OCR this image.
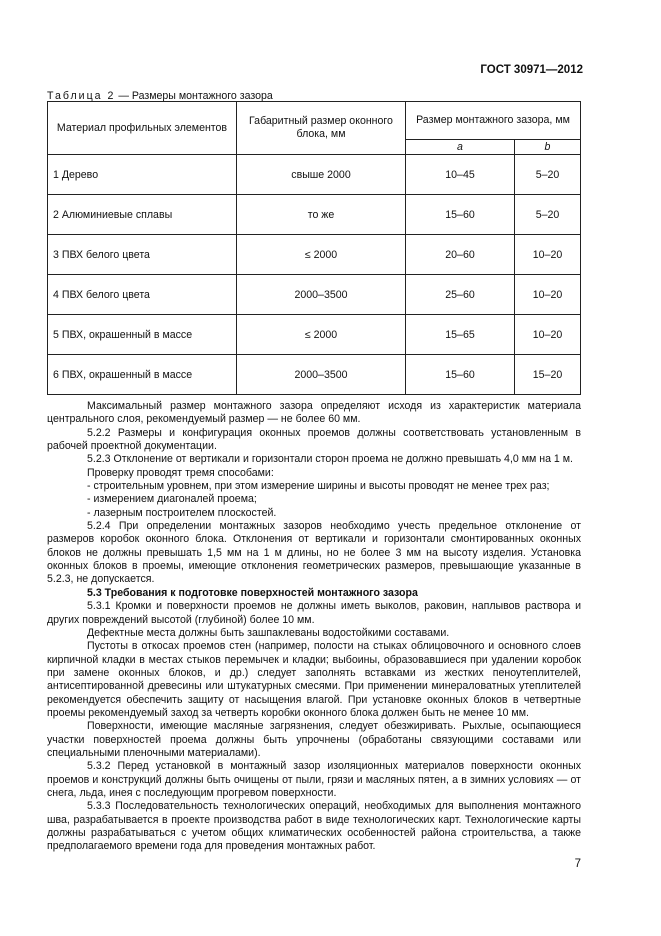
ГОСТ 30971—2012
Таблица 2 — Размеры монтажного зазора
Материал профильных элементов	Габаритный размер оконного блока, мм	Размер монтажного зазора, мм	
		а	b
1 Дерево	свыше 2000	10–45	5–20
2 Алюминиевые сплавы	то же	15–60	5–20
3 ПВХ белого цвета	≤ 2000	20–60	10–20
4 ПВХ белого цвета	2000–3500	25–60	10–20
5 ПВХ, окрашенный в массе	≤ 2000	15–65	10–20
6 ПВХ, окрашенный в массе	2000–3500	15–60	15–20

Максимальный размер монтажного зазора определяют исходя из характеристик материала центрального слоя, рекомендуемый размер — не более 60 мм.

5.2.2 Размеры и конфигурация оконных проемов должны соответствовать установленным в рабочей проектной документации.

5.2.3 Отклонение от вертикали и горизонтали сторон проема не должно превышать 4,0 мм на 1 м.

Проверку проводят тремя способами:

- строительным уровнем, при этом измерение ширины и высоты проводят не менее трех раз;

- измерением диагоналей проема;

- лазерным построителем плоскостей.

5.2.4 При определении монтажных зазоров необходимо учесть предельное отклонение от размеров коробок оконного блока. Отклонения от вертикали и горизонтали смонтированных оконных блоков не должны превышать 1,5 мм на 1 м длины, но не более 3 мм на высоту изделия. Установка оконных блоков в проемы, имеющие отклонения геометрических размеров, превышающие указанные в 5.2.3, не допускается.

5.3 Требования к подготовке поверхностей монтажного зазора

5.3.1 Кромки и поверхности проемов не должны иметь выколов, раковин, наплывов раствора и других повреждений высотой (глубиной) более 10 мм.

Дефектные места должны быть зашпаклеваны водостойкими составами.

Пустоты в откосах проемов стен (например, полости на стыках облицовочного и основного слоев кирпичной кладки в местах стыков перемычек и кладки; выбоины, образовавшиеся при удалении коробок при замене оконных блоков, и др.) следует заполнять вставками из жестких пеноутеплителей, антисептированной древесины или штукатурных смесями. При применении минераловатных утеплителей рекомендуется обеспечить защиту от насыщения влагой. При установке оконных блоков в четвертные проемы рекомендуемый заход за четверть коробки оконного блока должен быть не менее 10 мм.

Поверхности, имеющие масляные загрязнения, следует обезжиривать. Рыхлые, осыпающиеся участки поверхностей проема должны быть упрочнены (обработаны связующими составами или специальными пленочными материалами).

5.3.2 Перед установкой в монтажный зазор изоляционных материалов поверхности оконных проемов и конструкций должны быть очищены от пыли, грязи и масляных пятен, а в зимних условиях — от снега, льда, инея с последующим прогревом поверхности.

5.3.3 Последовательность технологических операций, необходимых для выполнения монтажного шва, разрабатывается в проекте производства работ в виде технологических карт. Технологические карты должны разрабатываться с учетом общих климатических особенностей района строительства, а также предполагаемого времени года для проведения монтажных работ.

7
